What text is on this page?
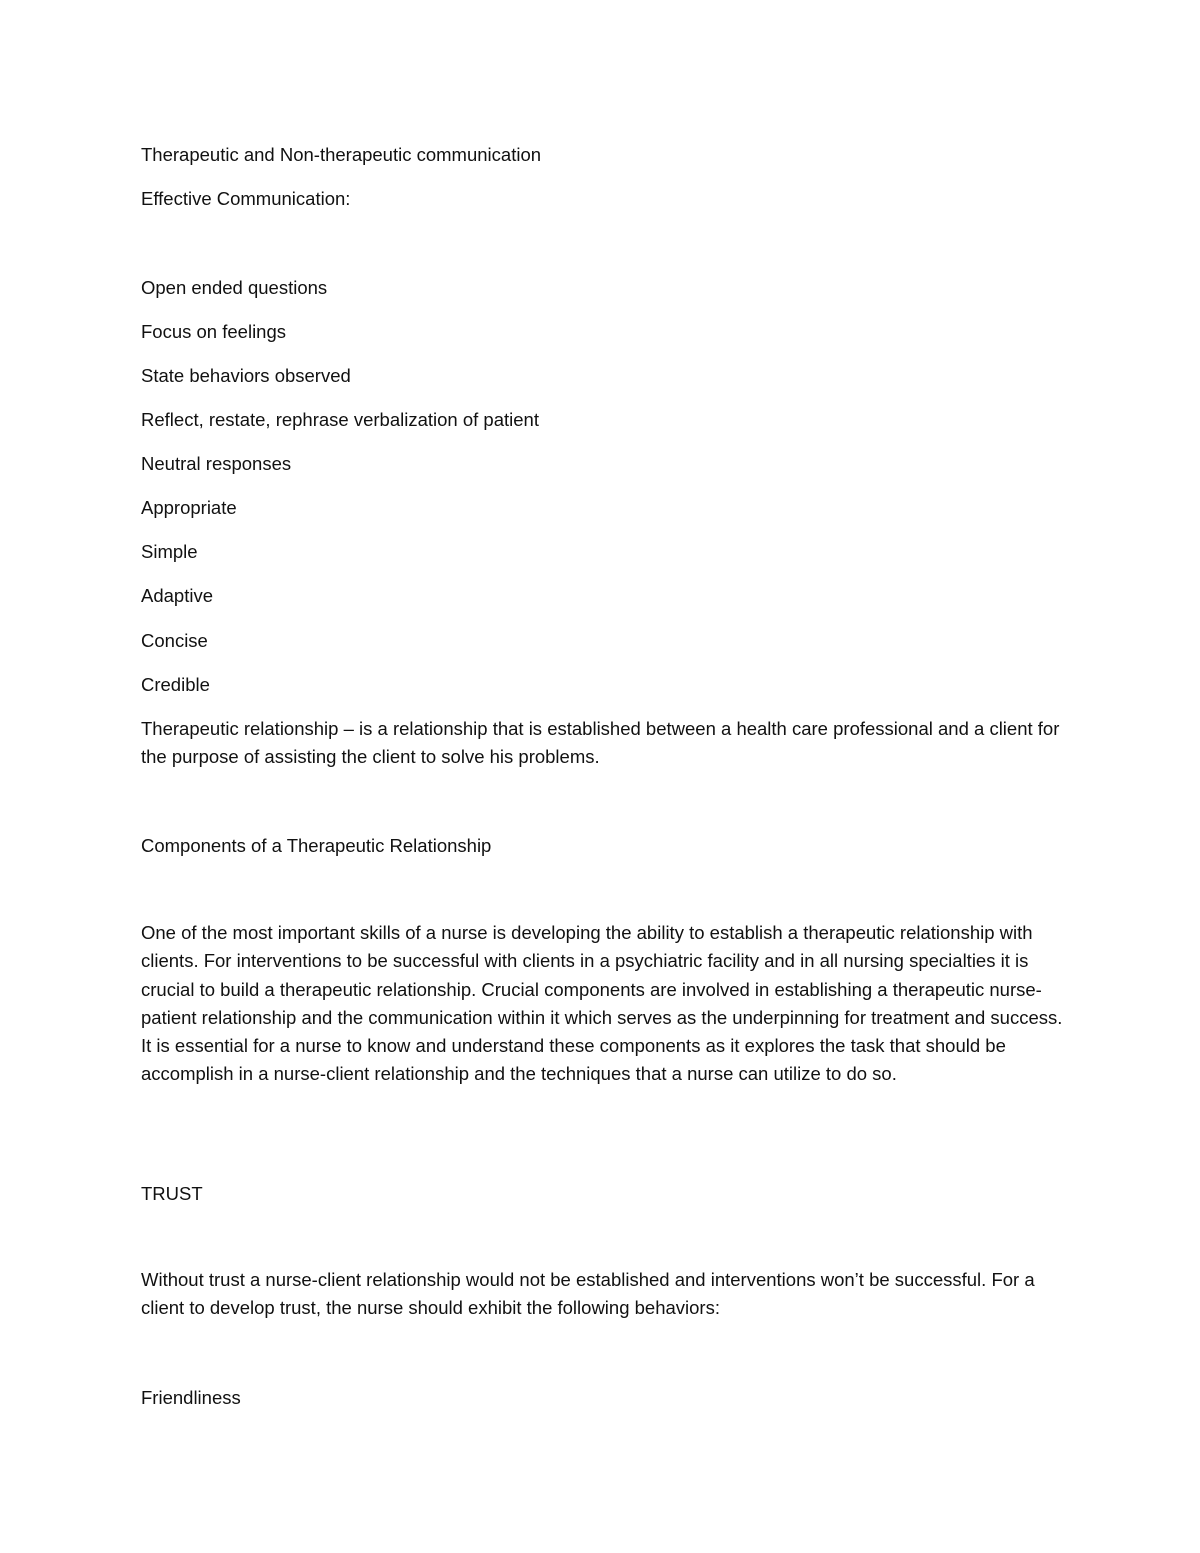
Therapeutic and Non-therapeutic communication

Effective Communication:

Open ended questions

Focus on feelings

State behaviors observed

Reflect, restate, rephrase verbalization of patient

Neutral responses

Appropriate

Simple

Adaptive

Concise

Credible

Therapeutic relationship – is a relationship that is established between a health care professional and a client for the purpose of assisting the client to solve his problems.

Components of a Therapeutic Relationship

One of the most important skills of a nurse is developing the ability to establish a therapeutic relationship with clients. For interventions to be successful with clients in a psychiatric facility and in all nursing specialties it is crucial to build a therapeutic relationship. Crucial components are involved in establishing a therapeutic nurse-patient relationship and the communication within it which serves as the underpinning for treatment and success. It is essential for a nurse to know and understand these components as it explores the task that should be accomplish in a nurse-client relationship and the techniques that a nurse can utilize to do so.

TRUST

Without trust a nurse-client relationship would not be established and interventions won’t be successful. For a client to develop trust, the nurse should exhibit the following behaviors:

Friendliness
